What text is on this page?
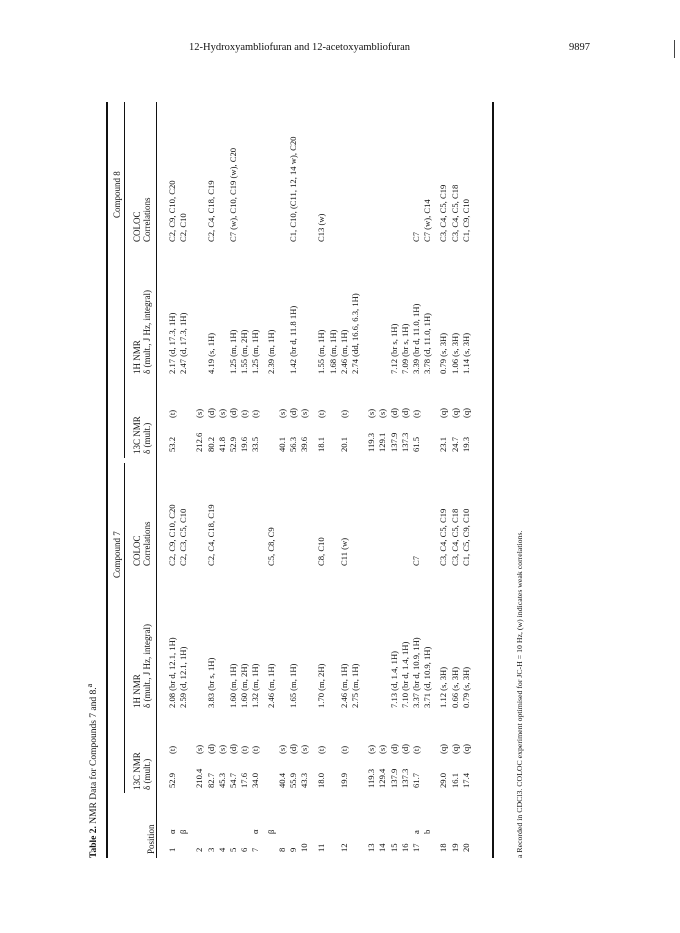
12-Hydroxyambliofuran and 12-acetoxyambliofuran	9897
Table 2. NMR Data for Compounds 7 and 8.$^a$
Compound 7
Compound 8
Position
13C NMR δ (mult.)
1H NMR δ (mult., J Hz, integral)
COLOC Correlations
13C NMR δ (mult.)
1H NMR δ (mult., J Hz, integral)
COLOC Correlations
1
α
52.9
(t)
2.08 (br d, 12.1, 1H)
C2, C9, C10, C20
53.2
(t)
2.17 (d, 17.3, 1H)
C2, C9, C10, C20
β
2.59 (d, 12.1, 1H)
C2, C3, C5, C10
2.47 (d, 17.3, 1H)
C2, C10
2
210.4
(s)
212.6
(s)
3
82.7
(d)
3.83 (br s, 1H)
C2, C4, C18, C19
80.2
(d)
4.19 (s, 1H)
C2, C4, C18, C19
4
45.3
(s)
41.8
(s)
5
54.7
(d)
1.60 (m, 1H)
52.9
(d)
1.25 (m, 1H)
C7 (w), C10, C19 (w), C20
6
17.6
(t)
1.60 (m, 2H)
19.6
(t)
1.55 (m, 2H)
7
α
34.0
(t)
1.32 (m, 1H)
33.5
(t)
1.25 (m, 1H)
β
2.46 (m, 1H)
C5, C8, C9
2.39 (m, 1H)
8
40.4
(s)
40.1
(s)
9
55.9
(d)
1.65 (m, 1H)
56.3
(d)
1.42 (br d, 11.8 1H)
C1, C10, (C11, 12, 14 w), C20
10
43.3
(s)
39.6
(s)
11
18.0
(t)
1.70 (m, 2H)
C8, C10
18.1
(t)
1.55 (m, 1H)
C13 (w)
1.68 (m, 1H)
12
19.9
(t)
2.46 (m, 1H)
C11 (w)
20.1
(t)
2.46 (m, 1H)
2.75 (m, 1H)
2.74 (dd, 16.6, 6.3, 1H)
13
119.3
(s)
119.3
(s)
14
129.4
(s)
129.1
(s)
15
137.9
(d)
7.13 (d, 1.4, 1H)
137.9
(d)
7.12 (br s, 1H)
16
137.3
(d)
7.10 (br d, 1.4, 1H)
137.3
(d)
7.09 (br s, 1H)
17
a
61.7
(t)
3.37 (br d, 10.9, 1H)
C7
61.5
(t)
3.39 (br d, 11.0, 1H)
C7
b
3.71 (d, 10.9, 1H)
3.78 (d, 11.0, 1H)
C7 (w), C14
18
29.0
(q)
1.12 (s, 3H)
C3, C4, C5, C19
23.1
(q)
0.79 (s, 3H)
C3, C4, C5, C19
19
16.1
(q)
0.66 (s, 3H)
C3, C4, C5, C18
24.7
(q)
1.06 (s, 3H)
C3, C4, C5, C18
20
17.4
(q)
0.79 (s, 3H)
C1, C5, C9, C10
19.3
(q)
1.14 (s, 3H)
C1, C9, C10
a Recorded in CDCl3. COLOC experiment optimised for JC-H = 10 Hz, (w) indicates weak correlations.
